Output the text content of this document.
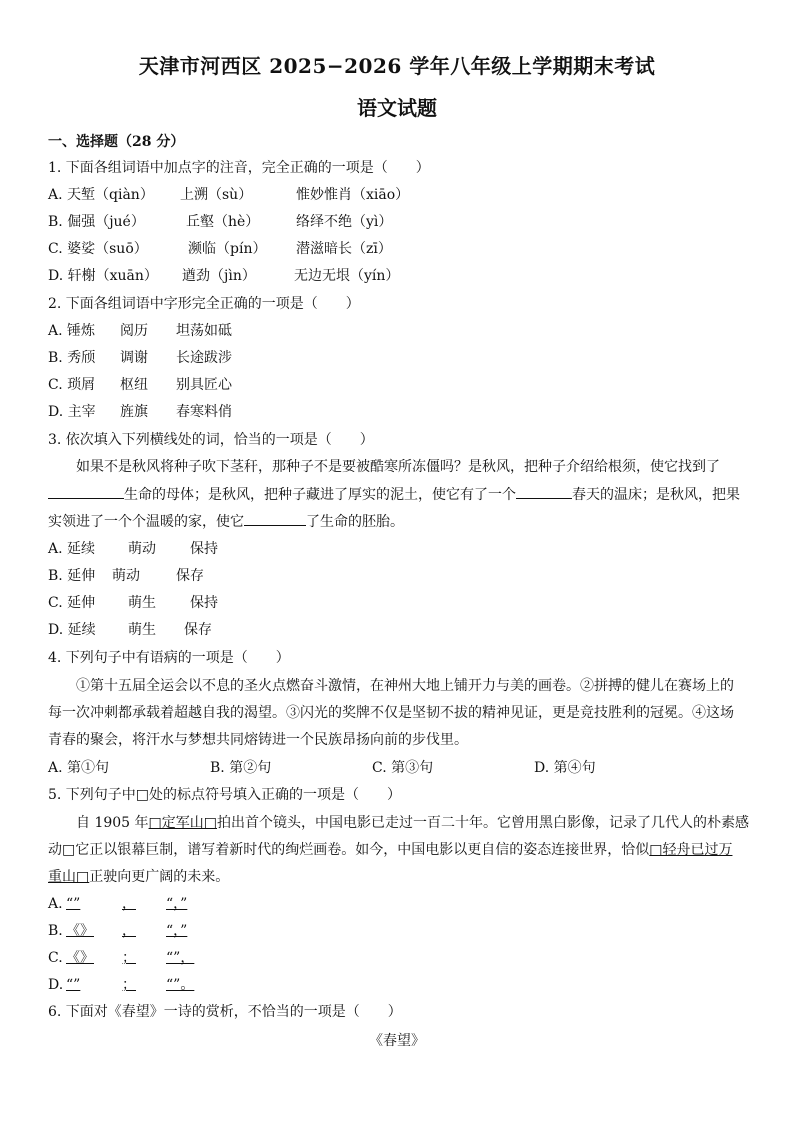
天津市河西区 2025−2026 学年八年级上学期期末考试
语文试题
一、选择题（28 分）
1. 下面各组词语中加点字的注音，完全正确的一项是（　　）
A. 天堑（qiàn） 上溯（sù）	惟妙惟肖（xiāo）
B. 倔强（jué）	丘壑（hè）	络绎不绝（yì）
C. 婆娑（suō）	濒临（pín） 潜滋暗长（zī）
D. 轩榭（xuān） 遒劲（jìn）	无边无垠（yín）
2. 下面各组词语中字形完全正确的一项是（　　）
A. 锤炼 阅历 坦荡如砥
B. 秀颀 调谢 长途跋涉
C. 琐屑 枢纽 别具匠心
D. 主宰 旌旗 春寒料俏
3. 依次填入下列横线处的词，恰当的一项是（　　）
如果不是秋风将种子吹下茎秆，那种子不是要被酷寒所冻僵吗？是秋风，把种子介绍给根须，使它找到了
生命的母体；是秋风，把种子藏进了厚实的泥土，使它有了一个	春天的温床；是秋风，把果
实领进了一个个温暖的家，使它	了生命的胚胎。
A. 延续 萌动 保持
B. 延伸 萌动	保存
C. 延伸 萌生 保持
D. 延续 萌生 保存
4. 下列句子中有语病的一项是（　　）
①第十五届全运会以不息的圣火点燃奋斗激情，在神州大地上铺开力与美的画卷。②拼搏的健儿在赛场上的
每一次冲刺都承载着超越自我的渴望。③闪光的奖牌不仅是坚韧不拔的精神见证，更是竞技胜利的冠冕。④这场
青春的聚会，将汗水与梦想共同熔铸进一个民族昂扬向前的步伐里。
A. 第①句	B. 第②句	C. 第③句	D. 第④句
5. 下列句子中□处的标点符号填入正确的一项是（　　）
自 1905 年□定军山□拍出首个镜头，中国电影已走过一百二十年。它曾用黑白影像，记录了几代人的朴素感
动□它正以银幕巨制，谱写着新时代的绚烂画卷。如今，中国电影以更自信的姿态连接世界，恰似□轻舟已过万
重山□正驶向更广阔的未来。
A. “”	， “，”
B. 《》 ， “，”
C. 《》 ； “”，
D. “”	； “”。
6. 下面对《春望》一诗的赏析，不恰当的一项是（　　）
《春望》
